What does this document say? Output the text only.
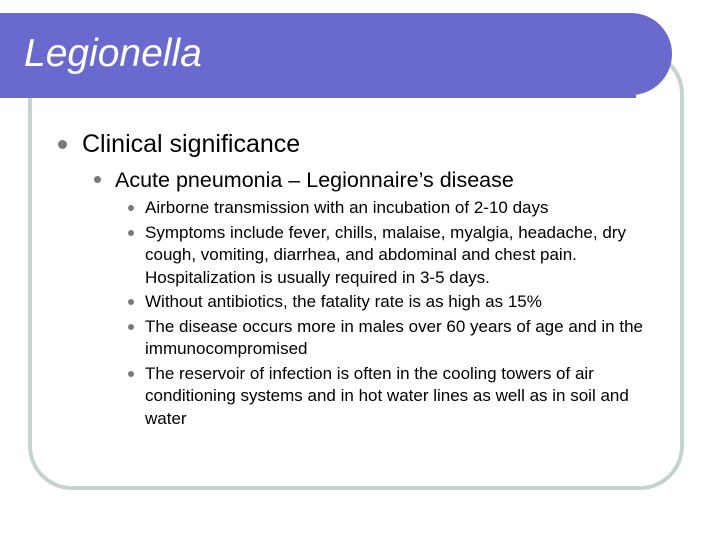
Legionella
Clinical significance
Acute pneumonia – Legionnaire’s disease
Airborne transmission with an incubation of 2-10 days
Symptoms include fever, chills, malaise, myalgia, headache, dry cough, vomiting, diarrhea, and abdominal and chest pain. Hospitalization is usually required in 3-5 days.
Without antibiotics, the fatality rate is as high as 15%
The disease occurs more in males over 60 years of age and in the immunocompromised
The reservoir of infection is often in the cooling towers of air conditioning systems and in hot water lines as well as in soil and water
